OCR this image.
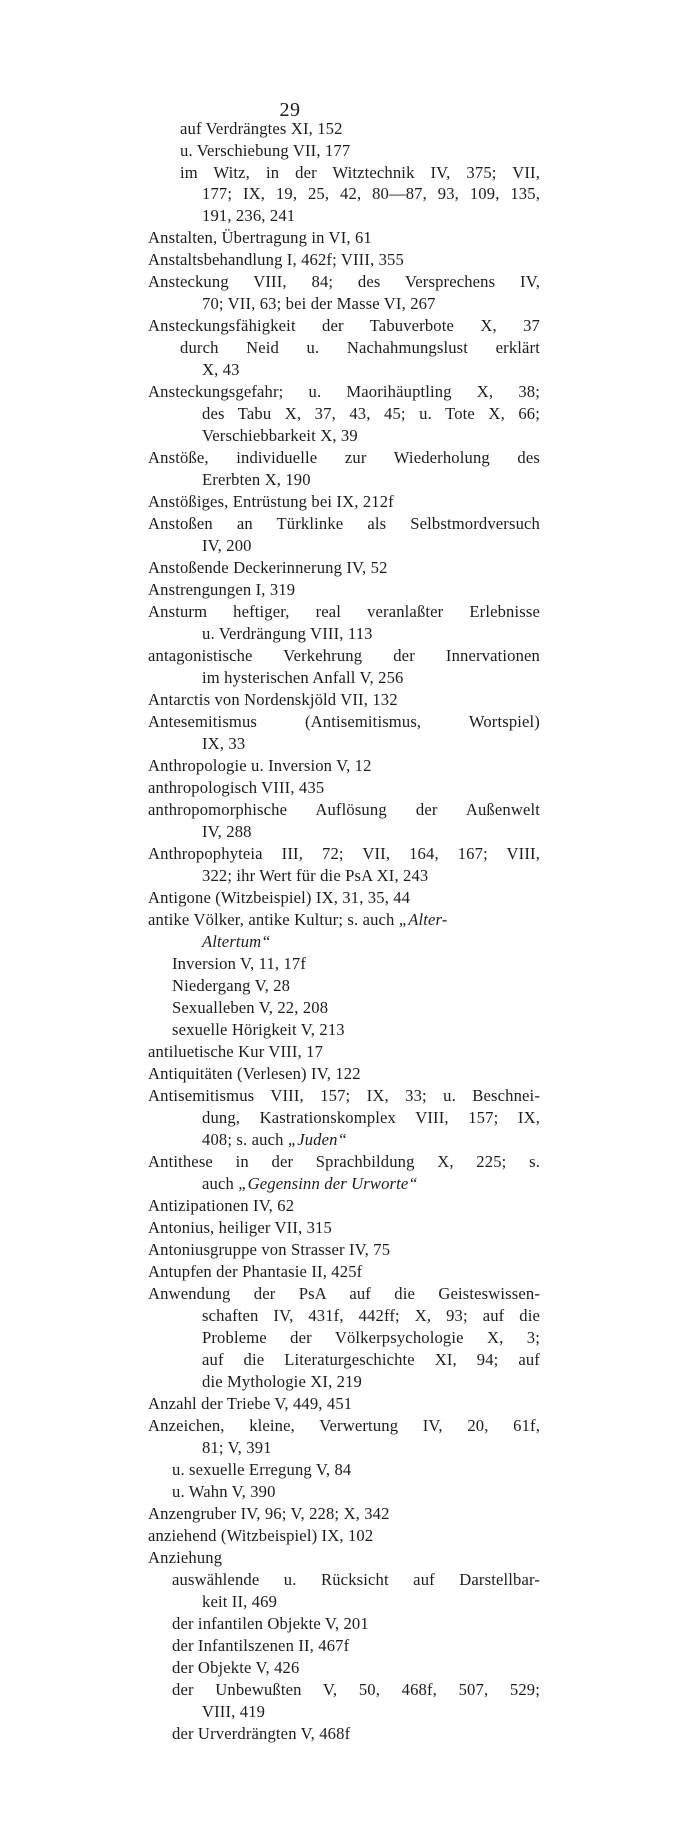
29
auf Verdrängtes XI, 152
u. Verschiebung VII, 177
im Witz, in der Witztechnik IV, 375; VII,
177; IX, 19, 25, 42, 80—87, 93, 109, 135,
191, 236, 241
Anstalten, Übertragung in VI, 61
Anstaltsbehandlung I, 462f; VIII, 355
Ansteckung VIII, 84; des Versprechens IV,
70; VII, 63; bei der Masse VI, 267
Ansteckungsfähigkeit der Tabuverbote X, 37
durch Neid u. Nachahmungslust erklärt
X, 43
Ansteckungsgefahr; u. Maorihäuptling X, 38;
des Tabu X, 37, 43, 45; u. Tote X, 66;
Verschiebbarkeit X, 39
Anstöße, individuelle zur Wiederholung des
Ererbten X, 190
Anstößiges, Entrüstung bei IX, 212f
Anstoßen an Türklinke als Selbstmordversuch
IV, 200
Anstoßende Deckerinnerung IV, 52
Anstrengungen I, 319
Ansturm heftiger, real veranlaßter Erlebnisse
u. Verdrängung VIII, 113
antagonistische Verkehrung der Innervationen
im hysterischen Anfall V, 256
Antarctis von Nordenskjöld VII, 132
Antesemitismus (Antisemitismus, Wortspiel)
IX, 33
Anthropologie u. Inversion V, 12
anthropologisch VIII, 435
anthropomorphische Auflösung der Außenwelt
IV, 288
Anthropophyteia III, 72; VII, 164, 167; VIII,
322; ihr Wert für die PsA XI, 243
Antigone (Witzbeispiel) IX, 31, 35, 44
antike Völker, antike Kultur; s. auch „Alter-
Altertum“
Inversion V, 11, 17f
Niedergang V, 28
Sexualleben V, 22, 208
sexuelle Hörigkeit V, 213
antiluetische Kur VIII, 17
Antiquitäten (Verlesen) IV, 122
Antisemitismus VIII, 157; IX, 33; u. Beschnei-
dung, Kastrationskomplex VIII, 157; IX,
408; s. auch „Juden“
Antithese in der Sprachbildung X, 225; s.
auch „Gegensinn der Urworte“
Antizipationen IV, 62
Antonius, heiliger VII, 315
Antoniusgruppe von Strasser IV, 75
Antupfen der Phantasie II, 425f
Anwendung der PsA auf die Geisteswissen-
schaften IV, 431f, 442ff; X, 93; auf die
Probleme der Völkerpsychologie X, 3;
auf die Literaturgeschichte XI, 94; auf
die Mythologie XI, 219
Anzahl der Triebe V, 449, 451
Anzeichen, kleine, Verwertung IV, 20, 61f,
81; V, 391
u. sexuelle Erregung V, 84
u. Wahn V, 390
Anzengruber IV, 96; V, 228; X, 342
anziehend (Witzbeispiel) IX, 102
Anziehung
auswählende u. Rücksicht auf Darstellbar-
keit II, 469
der infantilen Objekte V, 201
der Infantilszenen II, 467f
der Objekte V, 426
der Unbewußten V, 50, 468f, 507, 529;
VIII, 419
der Urverdrängten V, 468f
